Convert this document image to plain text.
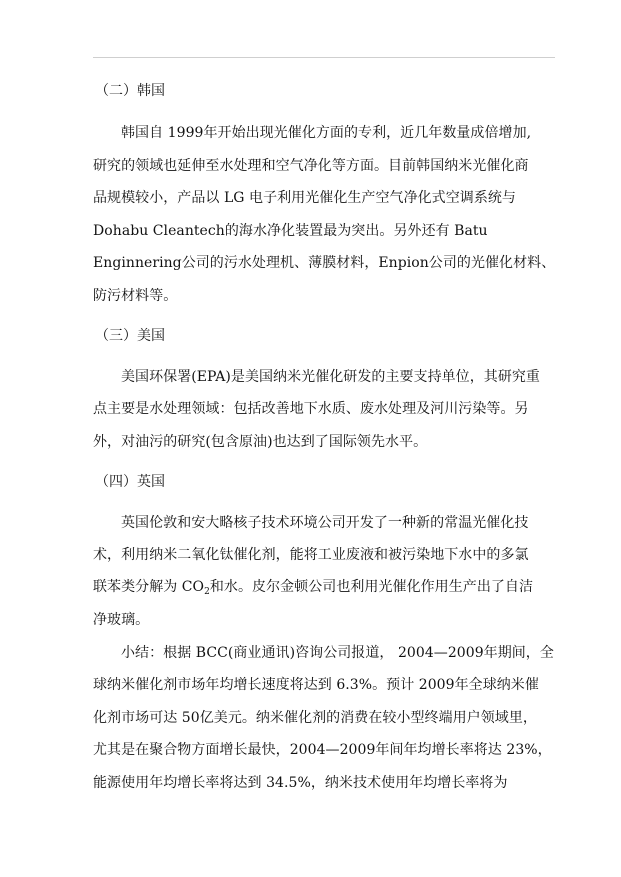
（二）韩国
韩国自 1999年开始出现光催化方面的专利，近几年数量成倍增加,
研究的领域也延伸至水处理和空气净化等方面。目前韩国纳米光催化商
品规模较小，产品以 LG 电子利用光催化生产空气净化式空调系统与
Dohabu Cleantech的海水净化装置最为突出。另外还有 Batu
Enginnering公司的污水处理机、薄膜材料，Enpion公司的光催化材料、
防污材料等。
（三）美国
美国环保署(EPA)是美国纳米光催化研发的主要支持单位，其研究重
点主要是水处理领域：包括改善地下水质、废水处理及河川污染等。另
外，对油污的研究(包含原油)也达到了国际领先水平。
（四）英国
英国伦敦和安大略核子技术环境公司开发了一种新的常温光催化技
术，利用纳米二氧化钛催化剂，能将工业废液和被污染地下水中的多氯
联苯类分解为 $CO_2$和水。皮尔金顿公司也利用光催化作用生产出了自洁
净玻璃。
小结：根据 BCC(商业通讯)咨询公司报道， 2004—2009年期间，全
球纳米催化剂市场年均增长速度将达到 6.3%。预计 2009年全球纳米催
化剂市场可达 50亿美元。纳米催化剂的消费在较小型终端用户领域里，
尤其是在聚合物方面增长最快，2004—2009年间年均增长率将达 23%，
能源使用年均增长率将达到 34.5%，纳米技术使用年均增长率将为
